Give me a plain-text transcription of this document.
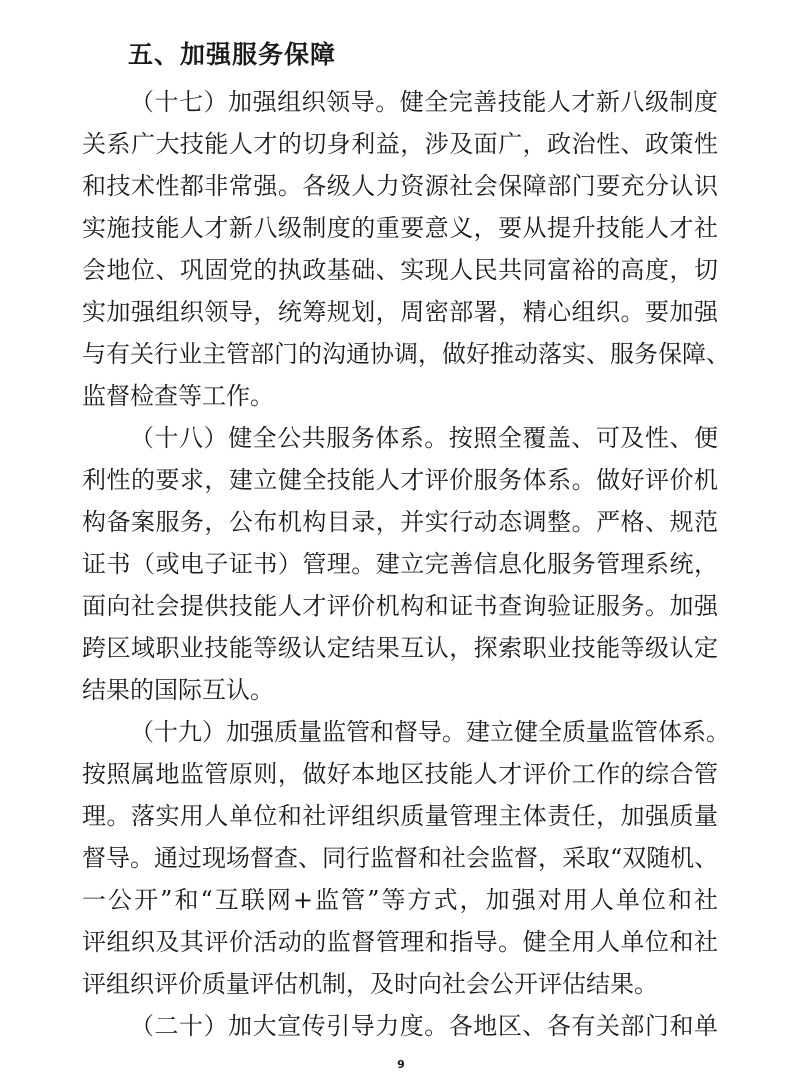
五、加强服务保障
（十七）加强组织领导。健全完善技能人才新八级制度
关系广大技能人才的切身利益，涉及面广，政治性、政策性
和技术性都非常强。各级人力资源社会保障部门要充分认识
实施技能人才新八级制度的重要意义，要从提升技能人才社
会地位、巩固党的执政基础、实现人民共同富裕的高度，切
实加强组织领导，统筹规划，周密部署，精心组织。要加强
与有关行业主管部门的沟通协调，做好推动落实、服务保障、
监督检查等工作。
（十八）健全公共服务体系。按照全覆盖、可及性、便
利性的要求，建立健全技能人才评价服务体系。做好评价机
构备案服务，公布机构目录，并实行动态调整。严格、规范
证书（或电子证书）管理。建立完善信息化服务管理系统，
面向社会提供技能人才评价机构和证书查询验证服务。加强
跨区域职业技能等级认定结果互认，探索职业技能等级认定
结果的国际互认。
（十九）加强质量监管和督导。建立健全质量监管体系。
按照属地监管原则，做好本地区技能人才评价工作的综合管
理。落实用人单位和社评组织质量管理主体责任，加强质量
督导。通过现场督查、同行监督和社会监督，采取“双随机、
一公开”和“互联网+监管”等方式，加强对用人单位和社
评组织及其评价活动的监督管理和指导。健全用人单位和社
评组织评价质量评估机制，及时向社会公开评估结果。
（二十）加大宣传引导力度。各地区、各有关部门和单
9
